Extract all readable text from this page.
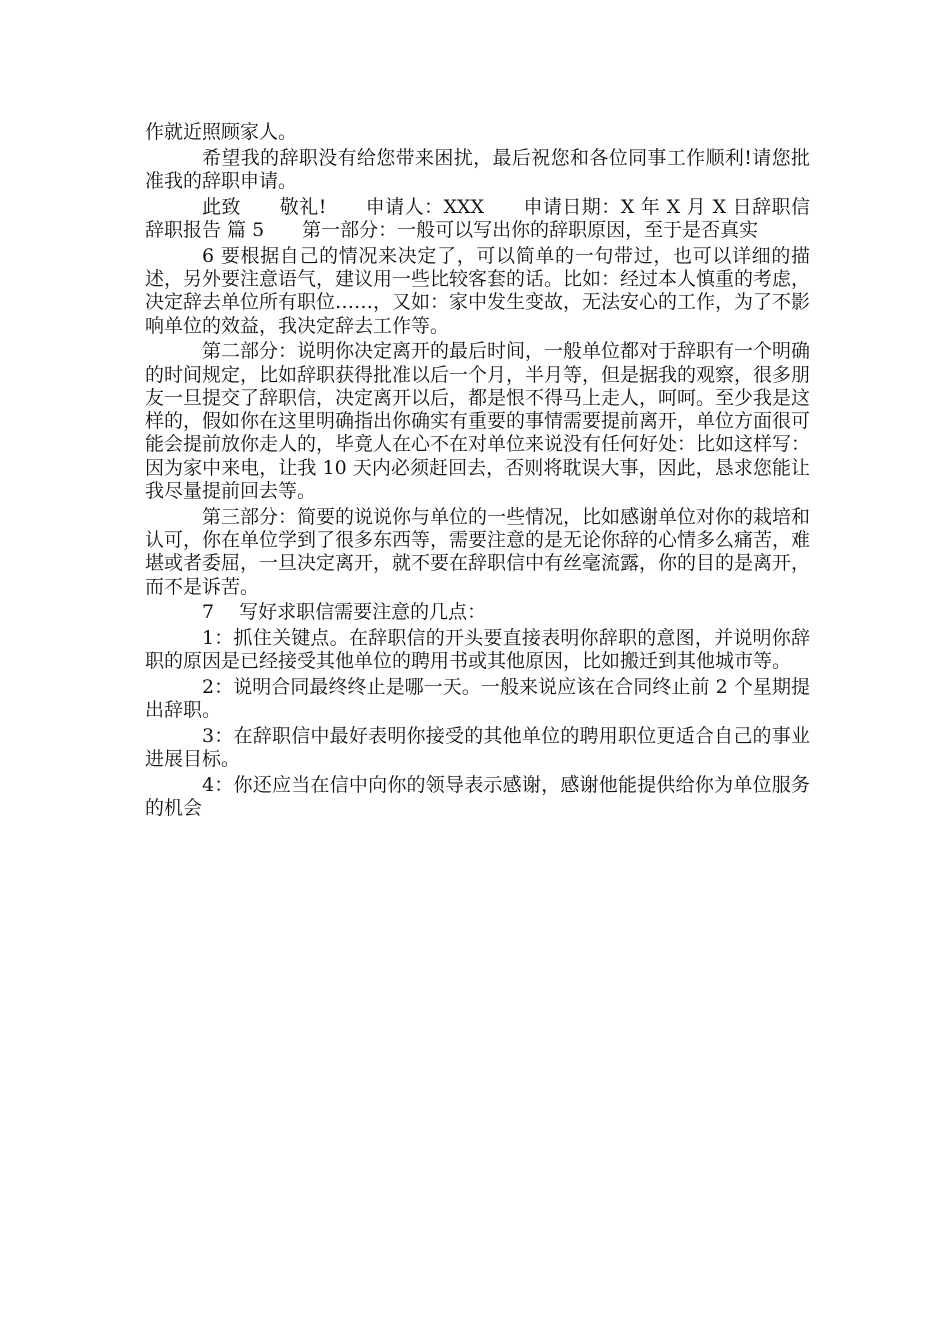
作就近照顾家人。

希望我的辞职没有给您带来困扰，最后祝您和各位同事工作顺利!请您批准我的辞职申请。

此致　　敬礼!　　申请人：XXX　　申请日期：X 年 X 月 X 日辞职信辞职报告 篇 5　　第一部分：一般可以写出你的辞职原因，至于是否真实

6 要根据自己的情况来决定了，可以简单的一句带过，也可以详细的描述，另外要注意语气，建议用一些比较客套的话。比如：经过本人慎重的考虑，决定辞去单位所有职位……，又如：家中发生变故，无法安心的工作，为了不影响单位的效益，我决定辞去工作等。

第二部分：说明你决定离开的最后时间，一般单位都对于辞职有一个明确的时间规定，比如辞职获得批准以后一个月，半月等，但是据我的观察，很多朋友一旦提交了辞职信，决定离开以后，都是恨不得马上走人，呵呵。至少我是这样的，假如你在这里明确指出你确实有重要的事情需要提前离开，单位方面很可能会提前放你走人的，毕竟人在心不在对单位来说没有任何好处：比如这样写：因为家中来电，让我 10 天内必须赶回去，否则将耽误大事，因此，恳求您能让我尽量提前回去等。

第三部分：简要的说说你与单位的一些情况，比如感谢单位对你的栽培和认可，你在单位学到了很多东西等，需要注意的是无论你辞的心情多么痛苦，难堪或者委屈，一旦决定离开，就不要在辞职信中有丝毫流露，你的目的是离开，而不是诉苦。

7　 写好求职信需要注意的几点：

1：抓住关键点。在辞职信的开头要直接表明你辞职的意图，并说明你辞职的原因是已经接受其他单位的聘用书或其他原因，比如搬迁到其他城市等。

2：说明合同最终终止是哪一天。一般来说应该在合同终止前 2 个星期提出辞职。

3：在辞职信中最好表明你接受的其他单位的聘用职位更适合自己的事业进展目标。

4：你还应当在信中向你的领导表示感谢，感谢他能提供给你为单位服务的机会
